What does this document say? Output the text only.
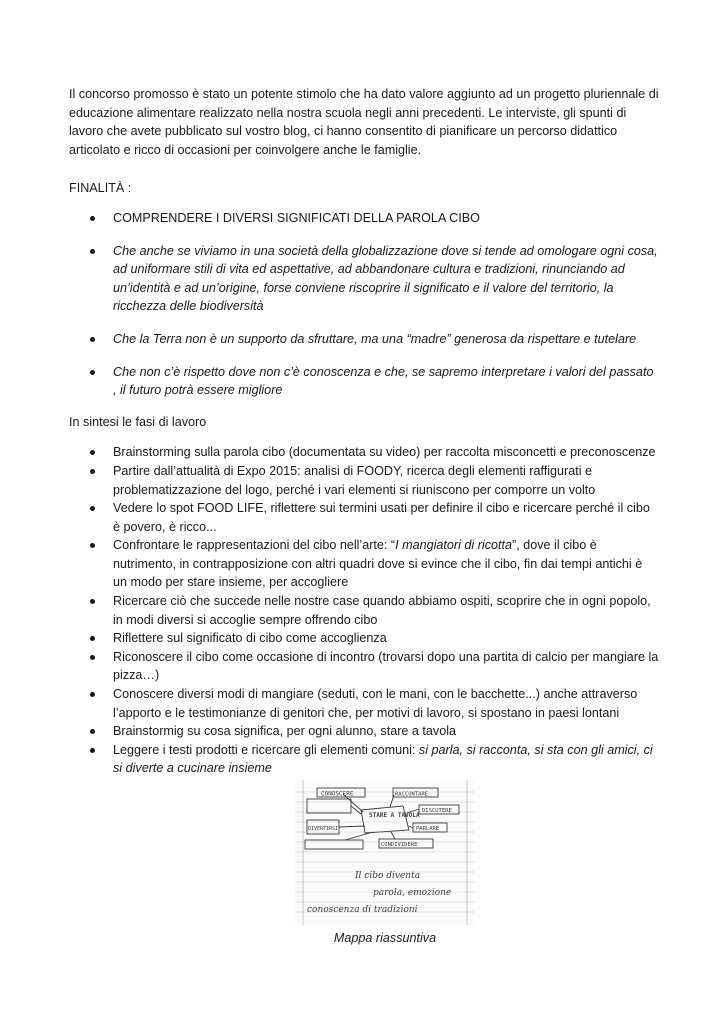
Il concorso promosso è stato un potente stimolo che ha dato valore aggiunto ad un progetto pluriennale di educazione alimentare realizzato nella nostra scuola negli anni precedenti. Le interviste, gli spunti di lavoro che avete pubblicato sul vostro blog, ci hanno consentito di pianificare un percorso didattico articolato e ricco di occasioni per coinvolgere anche le famiglie.

FINALITÀ :

COMPRENDERE I DIVERSI SIGNIFICATI DELLA PAROLA CIBO
Che anche se viviamo in una società della globalizzazione dove si tende ad omologare ogni cosa, ad uniformare stili di vita ed aspettative, ad abbandonare cultura e tradizioni, rinunciando ad un’identità e ad un’origine, forse conviene riscoprire il significato e il valore del territorio, la ricchezza delle biodiversità
Che la Terra non è un supporto da sfruttare, ma una “madre” generosa da rispettare e tutelare
Che non c’è rispetto dove non c’è conoscenza e che, se sapremo interpretare i valori del passato , il futuro potrà essere migliore

In sintesi le fasi di lavoro

Brainstorming sulla parola cibo (documentata su video) per raccolta misconcetti e preconoscenze
Partire dall’attualità di Expo 2015: analisi di FOODY, ricerca degli elementi raffigurati e problematizzazione del logo, perché i vari elementi si riuniscono per comporre un volto
Vedere lo spot FOOD LIFE, riflettere sui termini usati per definire il cibo e ricercare perché il cibo è povero, è ricco...
Confrontare le rappresentazioni del cibo nell’arte: “I mangiatori di ricotta”, dove il cibo è nutrimento, in contrapposizione con altri quadri dove si evince che il cibo, fin dai tempi antichi è un modo per stare insieme, per accogliere
Ricercare ciò che succede nelle nostre case quando abbiamo ospiti, scoprire che in ogni popolo, in modi diversi si accoglie sempre offrendo cibo
Riflettere sul significato di cibo come accoglienza
Riconoscere il cibo come occasione di incontro (trovarsi dopo una partita di calcio per mangiare la pizza…)
Conoscere diversi modi di mangiare (seduti, con le mani, con le bacchette...) anche attraverso l’apporto e le testimonianze di genitori che, per motivi di lavoro, si spostano in paesi lontani
Brainstormig su cosa significa, per ogni alunno, stare a tavola
Leggere i testi prodotti e ricercare gli elementi comuni: si parla, si racconta, si sta con gli amici, ci si diverte a cucinare insieme
CONOSCERE	RACCONTARE
DISCUTERE
STARE A TAVOLA
PARLARE
DIVERTIRSI
CONDIVIDERE
Il cibo diventa
parola, emozione
conoscenza di tradizioni
Mappa riassuntiva
